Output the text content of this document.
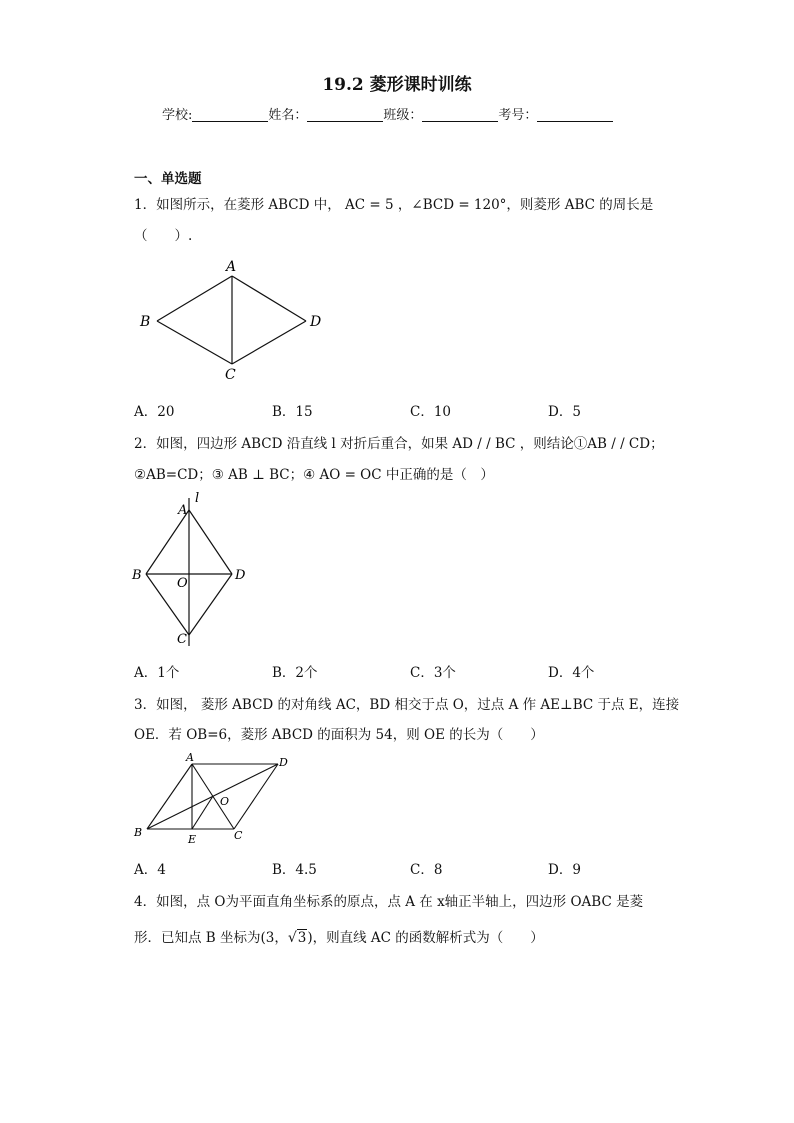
19.2 菱形课时训练
学校:	姓名：	班级：	考号：
一、单选题
1．如图所示，在菱形 ABCD 中， AC = 5 ，∠BCD = 120°，则菱形 ABC 的周长是
（　　）.
A
B
C
D
A．20	B．15	C．10	D．5
2．如图，四边形 ABCD 沿直线 l 对折后重合，如果 AD / / BC ，则结论①AB / / CD；
②AB=CD；③ AB ⊥ BC；④ AO = OC 中正确的是（　）
l
A
B
O
D
C
A．1个	B．2个	C．3个	D．4个
3．如图， 菱形 ABCD 的对角线 AC，BD 相交于点 O，过点 A 作 AE⊥BC 于点 E，连接
OE．若 OB=6，菱形 ABCD 的面积为 54，则 OE 的长为（　　）
A	D
O
B
E	C
A．4	B．4.5	C．8	D．9
4．如图，点 O为平面直角坐标系的原点，点 A 在 x轴正半轴上，四边形 OABC 是菱
形．已知点 B 坐标为(3，√3)，则直线 AC 的函数解析式为（　　）
